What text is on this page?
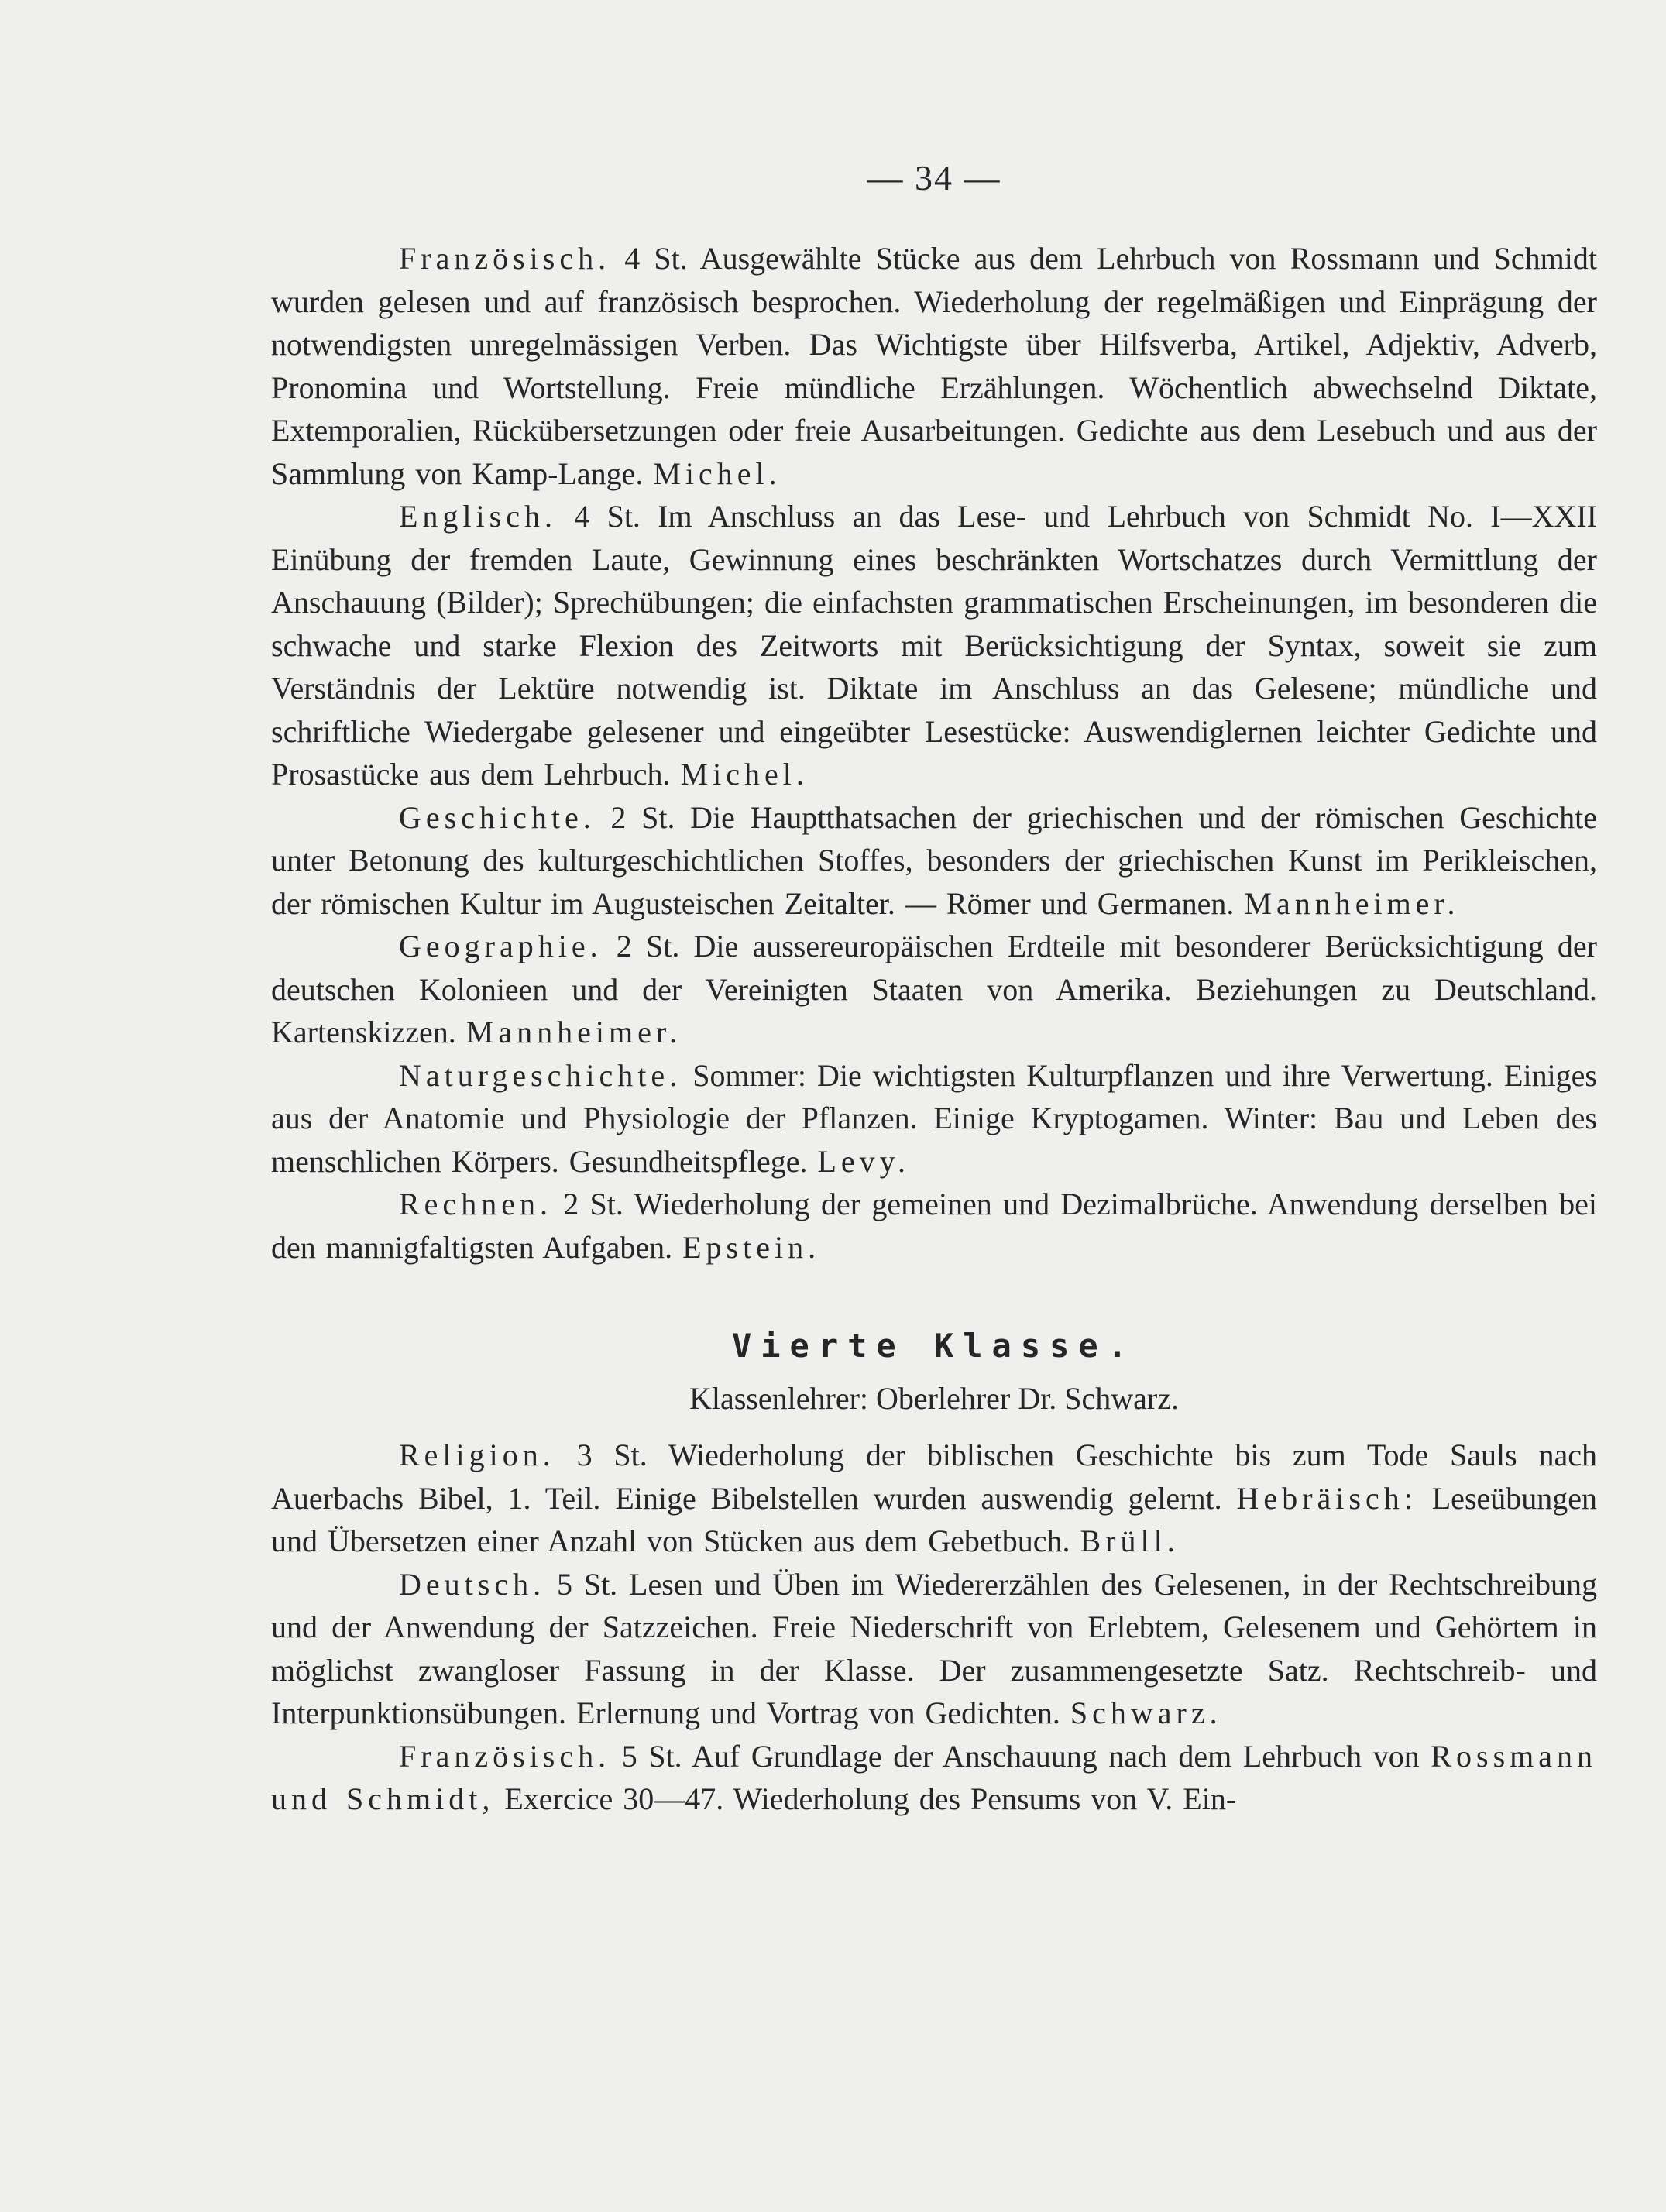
— 34 —

Französisch. 4 St. Ausgewählte Stücke aus dem Lehrbuch von Rossmann und Schmidt wurden gelesen und auf französisch besprochen. Wiederholung der regelmäßigen und Einprägung der notwendigsten unregelmässigen Verben. Das Wichtigste über Hilfsverba, Artikel, Adjektiv, Adverb, Pronomina und Wortstellung. Freie mündliche Erzählungen. Wöchentlich abwechselnd Diktate, Extemporalien, Rückübersetzungen oder freie Ausarbeitungen. Gedichte aus dem Lesebuch und aus der Sammlung von Kamp-Lange. Michel.

Englisch. 4 St. Im Anschluss an das Lese- und Lehrbuch von Schmidt No. I—XXII Einübung der fremden Laute, Gewinnung eines beschränkten Wortschatzes durch Vermittlung der Anschauung (Bilder); Sprechübungen; die einfachsten grammatischen Erscheinungen, im besonderen die schwache und starke Flexion des Zeitworts mit Berücksichtigung der Syntax, soweit sie zum Verständnis der Lektüre notwendig ist. Diktate im Anschluss an das Gelesene; mündliche und schriftliche Wiedergabe gelesener und eingeübter Lesestücke: Auswendiglernen leichter Gedichte und Prosastücke aus dem Lehrbuch. Michel.

Geschichte. 2 St. Die Hauptthatsachen der griechischen und der römischen Geschichte unter Betonung des kulturgeschichtlichen Stoffes, besonders der griechischen Kunst im Perikleischen, der römischen Kultur im Augusteischen Zeitalter. — Römer und Germanen. Mannheimer.

Geographie. 2 St. Die aussereuropäischen Erdteile mit besonderer Berücksichtigung der deutschen Kolonieen und der Vereinigten Staaten von Amerika. Beziehungen zu Deutschland. Kartenskizzen. Mannheimer.

Naturgeschichte. Sommer: Die wichtigsten Kulturpflanzen und ihre Verwertung. Einiges aus der Anatomie und Physiologie der Pflanzen. Einige Kryptogamen. Winter: Bau und Leben des menschlichen Körpers. Gesundheitspflege. Levy.

Rechnen. 2 St. Wiederholung der gemeinen und Dezimalbrüche. Anwendung derselben bei den mannigfaltigsten Aufgaben. Epstein.

Vierte Klasse.
Klassenlehrer: Oberlehrer Dr. Schwarz.

Religion. 3 St. Wiederholung der biblischen Geschichte bis zum Tode Sauls nach Auerbachs Bibel, 1. Teil. Einige Bibelstellen wurden auswendig gelernt. Hebräisch: Leseübungen und Übersetzen einer Anzahl von Stücken aus dem Gebetbuch. Brüll.

Deutsch. 5 St. Lesen und Üben im Wiedererzählen des Gelesenen, in der Rechtschreibung und der Anwendung der Satzzeichen. Freie Niederschrift von Erlebtem, Gelesenem und Gehörtem in möglichst zwangloser Fassung in der Klasse. Der zusammengesetzte Satz. Rechtschreib- und Interpunktionsübungen. Erlernung und Vortrag von Gedichten. Schwarz.

Französisch. 5 St. Auf Grundlage der Anschauung nach dem Lehrbuch von Rossmann und Schmidt, Exercice 30—47. Wiederholung des Pensums von V. Ein-
